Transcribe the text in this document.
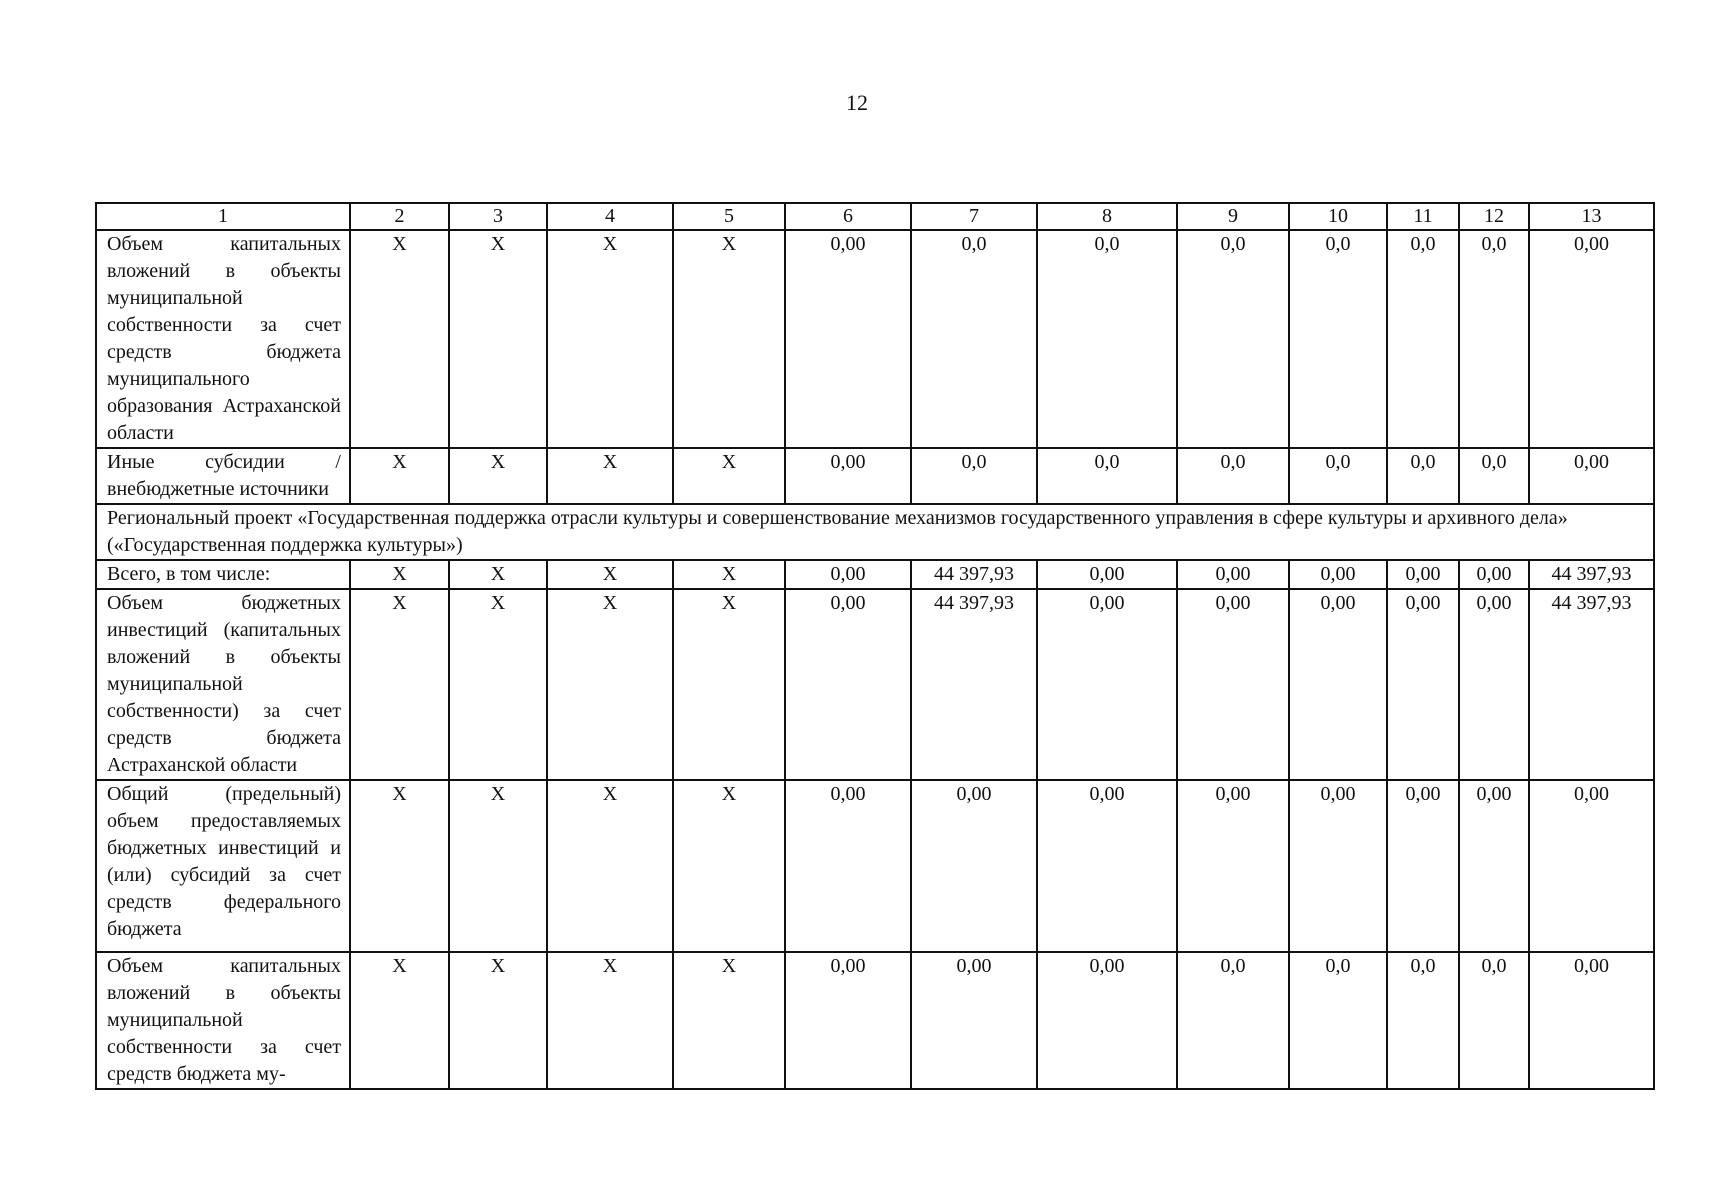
12
1	2	3	4	5	6	7	8	9	10	11	12	13
Объем капитальных вложений в объекты муниципальной собственности за счет средств бюджета муниципального образования Астраханской области	X	X	X	X	0,00	0,0	0,0	0,0	0,0	0,0	0,0	0,00
Иные субсидии / внебюджетные источники	X	X	X	X	0,00	0,0	0,0	0,0	0,0	0,0	0,0	0,00
Региональный проект «Государственная поддержка отрасли культуры и совершенствование механизмов государственного управления в сфере культуры и архивного дела» («Государственная поддержка культуры»)												
Всего, в том числе:	X	X	X	X	0,00	44 397,93	0,00	0,00	0,00	0,00	0,00	44 397,93
Объем бюджетных инвестиций (капитальных вложений в объекты муниципальной собственности) за счет средств бюджета Астраханской области	X	X	X	X	0,00	44 397,93	0,00	0,00	0,00	0,00	0,00	44 397,93
Общий (предельный) объем предоставляемых бюджетных инвестиций и (или) субсидий за счет средств федерального бюджета	X	X	X	X	0,00	0,00	0,00	0,00	0,00	0,00	0,00	0,00
Объем капитальных вложений в объекты муниципальной собственности за счет средств бюджета му-	X	X	X	X	0,00	0,00	0,00	0,0	0,0	0,0	0,0	0,00
